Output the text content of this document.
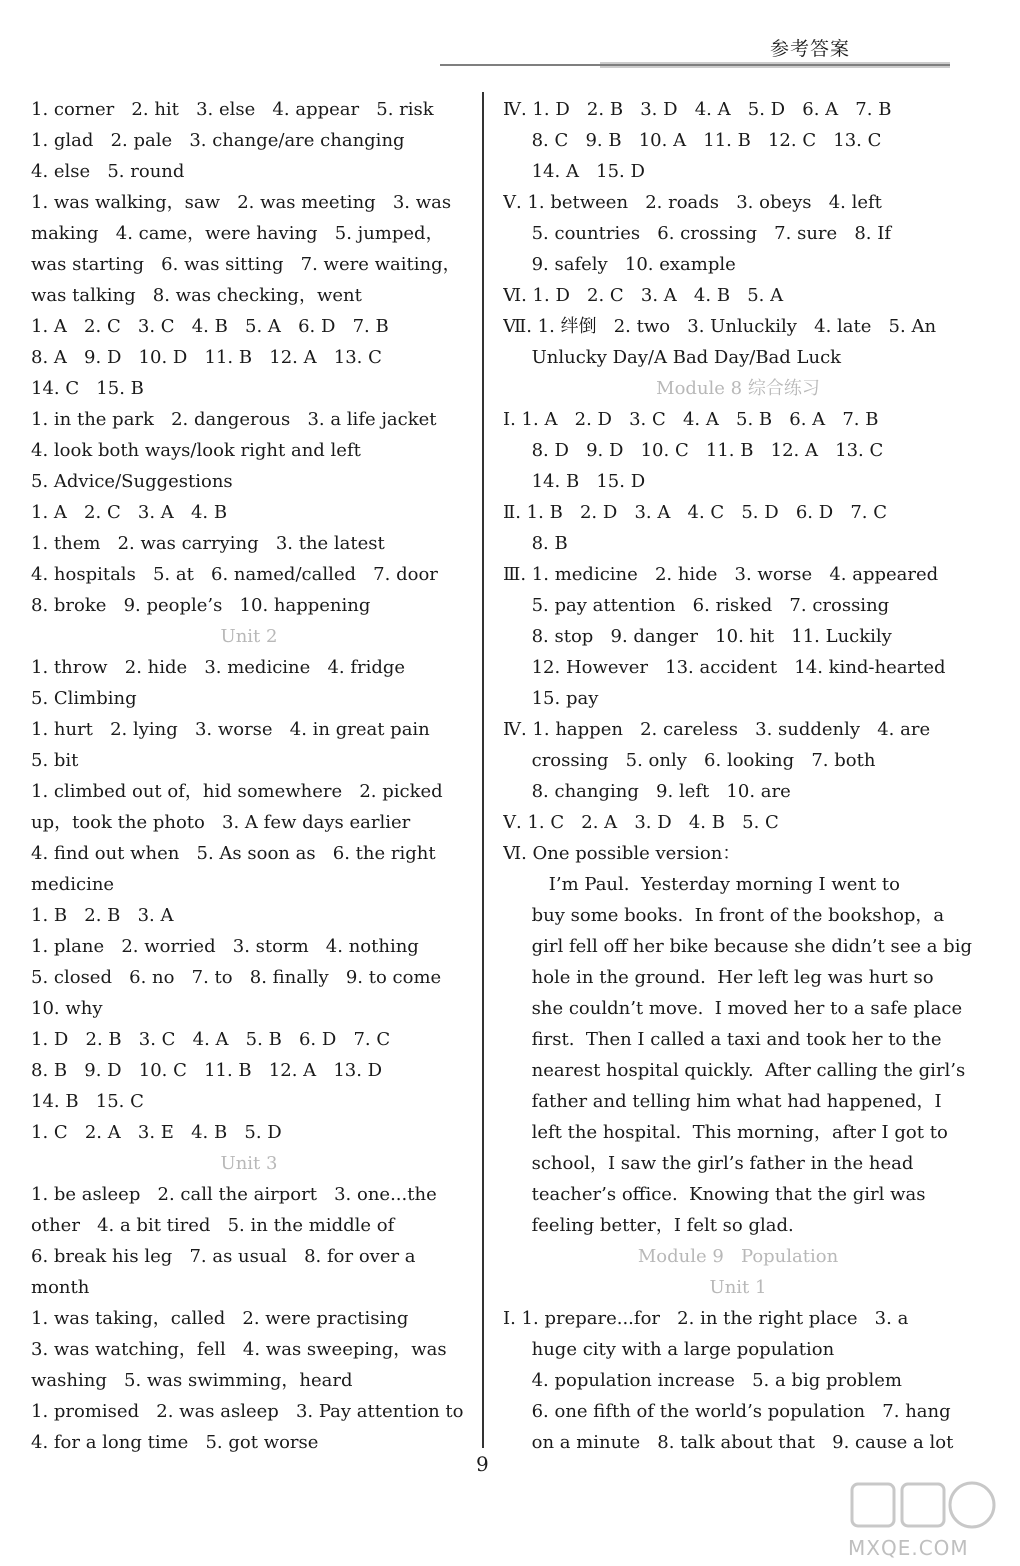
参考答案
1. corner   2. hit   3. else   4. appear   5. risk
1. glad   2. pale   3. change/are changing
4. else   5. round
1. was walking，saw   2. was meeting   3. was
making   4. came，were having   5. jumped，
was starting   6. was sitting   7. were waiting，
was talking   8. was checking，went
1. A   2. C   3. C   4. B   5. A   6. D   7. B
8. A   9. D   10. D   11. B   12. A   13. C
14. C   15. B
1. in the park   2. dangerous   3. a life jacket
4. look both ways/look right and left
5. Advice/Suggestions
1. A   2. C   3. A   4. B
1. them   2. was carrying   3. the latest
4. hospitals   5. at   6. named/called   7. door
8. broke   9. people’s   10. happening
Unit 2
1. throw   2. hide   3. medicine   4. fridge
5. Climbing
1. hurt   2. lying   3. worse   4. in great pain
5. bit
1. climbed out of，hid somewhere   2. picked
up，took the photo   3. A few days earlier
4. find out when   5. As soon as   6. the right
medicine
1. B   2. B   3. A
1. plane   2. worried   3. storm   4. nothing
5. closed   6. no   7. to   8. finally   9. to come
10. why
1. D   2. B   3. C   4. A   5. B   6. D   7. C
8. B   9. D   10. C   11. B   12. A   13. D
14. B   15. C
1. C   2. A   3. E   4. B   5. D
Unit 3
1. be asleep   2. call the airport   3. one...the
other   4. a bit tired   5. in the middle of
6. break his leg   7. as usual   8. for over a
month
1. was taking，called   2. were practising
3. was watching，fell   4. was sweeping，was
washing   5. was swimming，heard
1. promised   2. was asleep   3. Pay attention to
4. for a long time   5. got worse
Ⅳ. 1. D   2. B   3. D   4. A   5. D   6. A   7. B
8. C   9. B   10. A   11. B   12. C   13. C
14. A   15. D
Ⅴ. 1. between   2. roads   3. obeys   4. left
5. countries   6. crossing   7. sure   8. If
9. safely   10. example
Ⅵ. 1. D   2. C   3. A   4. B   5. A
Ⅶ. 1. 绊倒   2. two   3. Unluckily   4. late   5. An
Unlucky Day/A Bad Day/Bad Luck
Module 8 综合练习
Ⅰ. 1. A   2. D   3. C   4. A   5. B   6. A   7. B
8. D   9. D   10. C   11. B   12. A   13. C
14. B   15. D
Ⅱ. 1. B   2. D   3. A   4. C   5. D   6. D   7. C
8. B
Ⅲ. 1. medicine   2. hide   3. worse   4. appeared
5. pay attention   6. risked   7. crossing
8. stop   9. danger   10. hit   11. Luckily
12. However   13. accident   14. kind-hearted
15. pay
Ⅳ. 1. happen   2. careless   3. suddenly   4. are
crossing   5. only   6. looking   7. both
8. changing   9. left   10. are
Ⅴ. 1. C   2. A   3. D   4. B   5. C
Ⅵ. One possible version：
I’m Paul.  Yesterday morning I went to
buy some books.  In front of the bookshop，a
girl fell off her bike because she didn’t see a big
hole in the ground.  Her left leg was hurt so
she couldn’t move.  I moved her to a safe place
first.  Then I called a taxi and took her to the
nearest hospital quickly.  After calling the girl’s
father and telling him what had happened，I
left the hospital.  This morning，after I got to
school，I saw the girl’s father in the head
teacher’s office.  Knowing that the girl was
feeling better，I felt so glad.
Module 9   Population
Unit 1
Ⅰ. 1. prepare...for   2. in the right place   3. a
huge city with a large population
4. population increase   5. a big problem
6. one fifth of the world’s population   7. hang
on a minute   8. talk about that   9. cause a lot
9
MXQE.COM
